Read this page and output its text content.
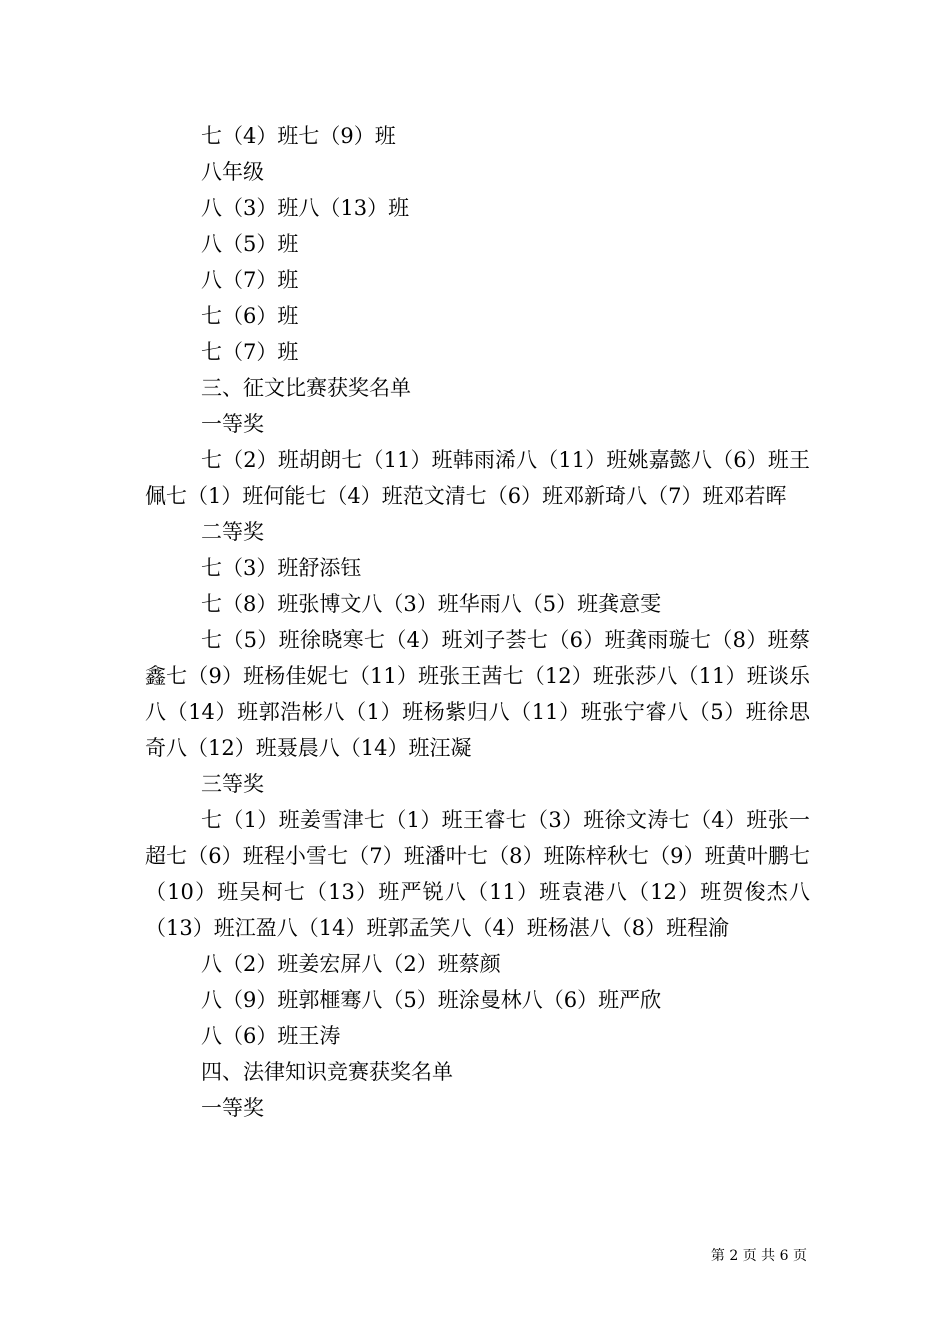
七（4）班七（9）班

八年级

八（3）班八（13）班

八（5）班

八（7）班

七（6）班

七（7）班

三、征文比赛获奖名单

一等奖

七（2）班胡朗七（11）班韩雨浠八（11）班姚嘉懿八（6）班王佩七（1）班何能七（4）班范文清七（6）班邓新琦八（7）班邓若晖

二等奖

七（3）班舒添钰

七（8）班张博文八（3）班华雨八（5）班龚意雯

七（5）班徐晓寒七（4）班刘子荟七（6）班龚雨璇七（8）班蔡鑫七（9）班杨佳妮七（11）班张王茜七（12）班张莎八（11）班谈乐八（14）班郭浩彬八（1）班杨紫归八（11）班张宁睿八（5）班徐思奇八（12）班聂晨八（14）班汪凝

三等奖

七（1）班姜雪津七（1）班王睿七（3）班徐文涛七（4）班张一超七（6）班程小雪七（7）班潘叶七（8）班陈梓秋七（9）班黄叶鹏七（10）班吴柯七（13）班严锐八（11）班袁港八（12）班贺俊杰八（13）班江盈八（14）班郭孟笑八（4）班杨湛八（8）班程渝

八（2）班姜宏屏八（2）班蔡颜

八（9）班郭榧骞八（5）班涂曼林八（6）班严欣

八（6）班王涛

四、法律知识竞赛获奖名单

一等奖

第 2 页 共 6 页
